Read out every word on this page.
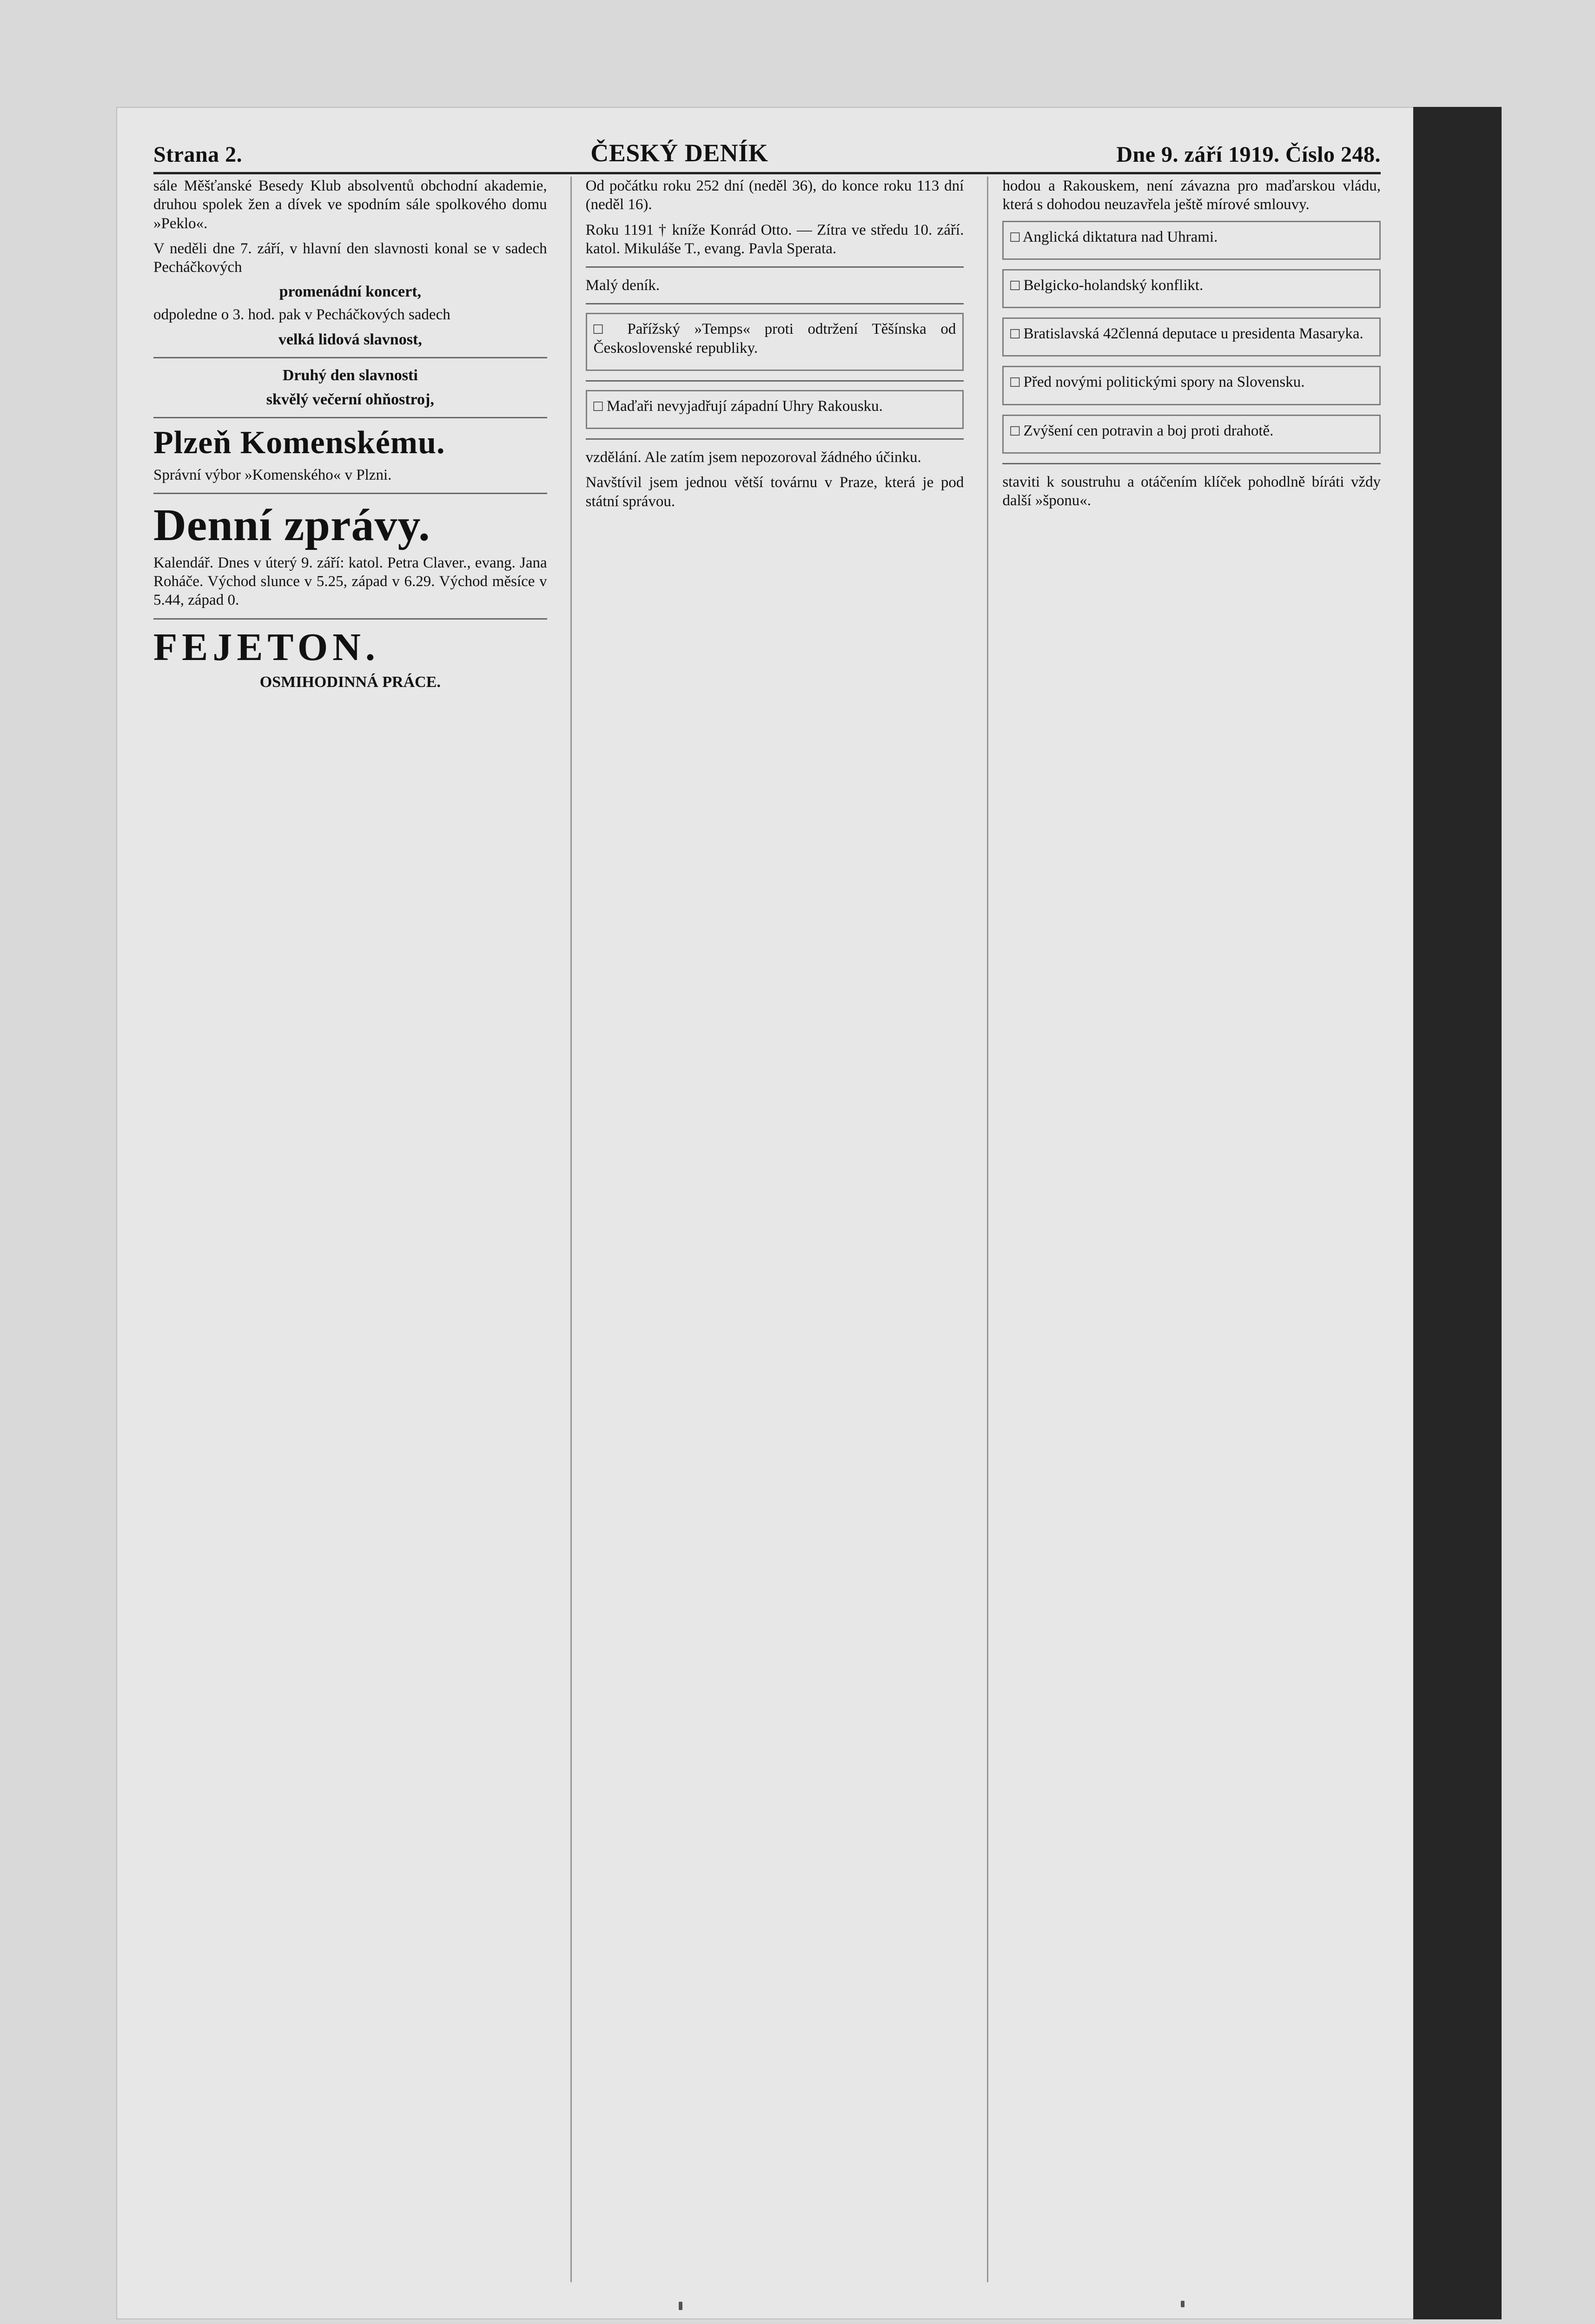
Strana 2.	ČESKÝ DENÍK	Dne 9. září 1919. Číslo 248.
sále Měšťanské Besedy Klub absolventů obchodní akademie, druhou spolek žen a dívek ve spodním sále spolkového domu »Peklo«.
V neděli dne 7. září, v hlavní den slavnosti konal se v sadech Pecháčkových
promenádní koncert,
odpoledne o 3. hod. pak v Pecháčkových sadech
velká lidová slavnost,
Druhý den slavnosti
skvělý večerní ohňostroj,
Plzeň Komenskému.
Správní výbor »Komenského« v Plzni.
Denní zprávy.
Kalendář. Dnes v úterý 9. září: katol. Petra Claver., evang. Jana Roháče. Východ slunce v 5.25, západ v 6.29. Východ měsíce v 5.44, západ 0.
FEJETON.
OSMIHODINNÁ PRÁCE.
Od počátku roku 252 dní (neděl 36), do konce roku 113 dní (neděl 16).
Roku 1191 † kníže Konrád Otto. — Zítra ve středu 10. září. katol. Mikuláše T., evang. Pavla Sperata.
Malý deník.
□ Pařížský »Temps« proti odtržení Těšínska od Československé republiky.
□ Maďaři nevyjadřují západní Uhry Rakousku.
vzdělání. Ale zatím jsem nepozoroval žádného účinku.
Navštívil jsem jednou větší továrnu v Praze, která je pod státní správou.
hodou a Rakouskem, není závazna pro maďarskou vládu, která s dohodou neuzavřela ještě mírové smlouvy.
□ Anglická diktatura nad Uhrami.
□ Belgicko-holandský konflikt.
□ Bratislavská 42členná deputace u presidenta Masaryka.
□ Před novými politickými spory na Slovensku.
□ Zvýšení cen potravin a boj proti drahotě.
staviti k soustruhu a otáčením klíček pohodlně bíráti vždy další »šponu«.
